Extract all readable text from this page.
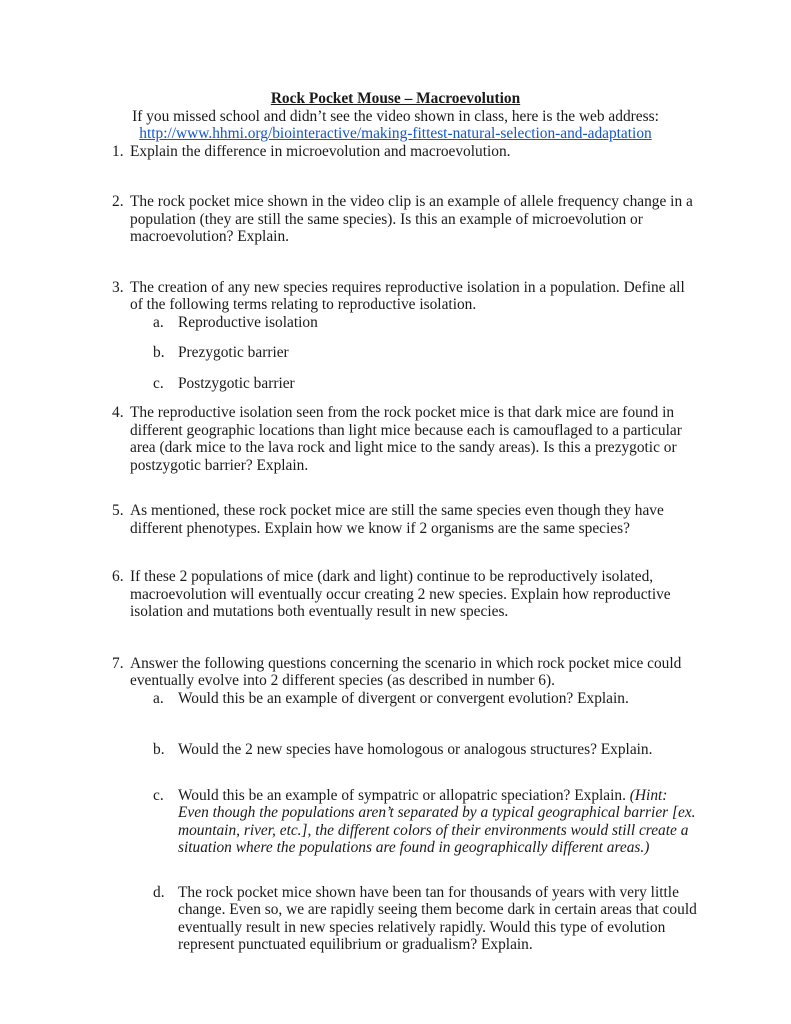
Rock Pocket Mouse – Macroevolution

If you missed school and didn’t see the video shown in class, here is the web address:

http://www.hhmi.org/biointeractive/making-fittest-natural-selection-and-adaptation

1. Explain the difference in microevolution and macroevolution.

2. The rock pocket mice shown in the video clip is an example of allele frequency change in a population (they are still the same species). Is this an example of microevolution or macroevolution? Explain.

3. The creation of any new species requires reproductive isolation in a population. Define all of the following terms relating to reproductive isolation.

a. Reproductive isolation

b. Prezygotic barrier

c. Postzygotic barrier

4. The reproductive isolation seen from the rock pocket mice is that dark mice are found in different geographic locations than light mice because each is camouflaged to a particular area (dark mice to the lava rock and light mice to the sandy areas). Is this a prezygotic or postzygotic barrier? Explain.

5. As mentioned, these rock pocket mice are still the same species even though they have different phenotypes. Explain how we know if 2 organisms are the same species?

6. If these 2 populations of mice (dark and light) continue to be reproductively isolated, macroevolution will eventually occur creating 2 new species. Explain how reproductive isolation and mutations both eventually result in new species.

7. Answer the following questions concerning the scenario in which rock pocket mice could eventually evolve into 2 different species (as described in number 6).

a. Would this be an example of divergent or convergent evolution? Explain.

b. Would the 2 new species have homologous or analogous structures? Explain.

c. Would this be an example of sympatric or allopatric speciation? Explain. (Hint: Even though the populations aren’t separated by a typical geographical barrier [ex. mountain, river, etc.], the different colors of their environments would still create a situation where the populations are found in geographically different areas.)

d. The rock pocket mice shown have been tan for thousands of years with very little change. Even so, we are rapidly seeing them become dark in certain areas that could eventually result in new species relatively rapidly. Would this type of evolution represent punctuated equilibrium or gradualism? Explain.
